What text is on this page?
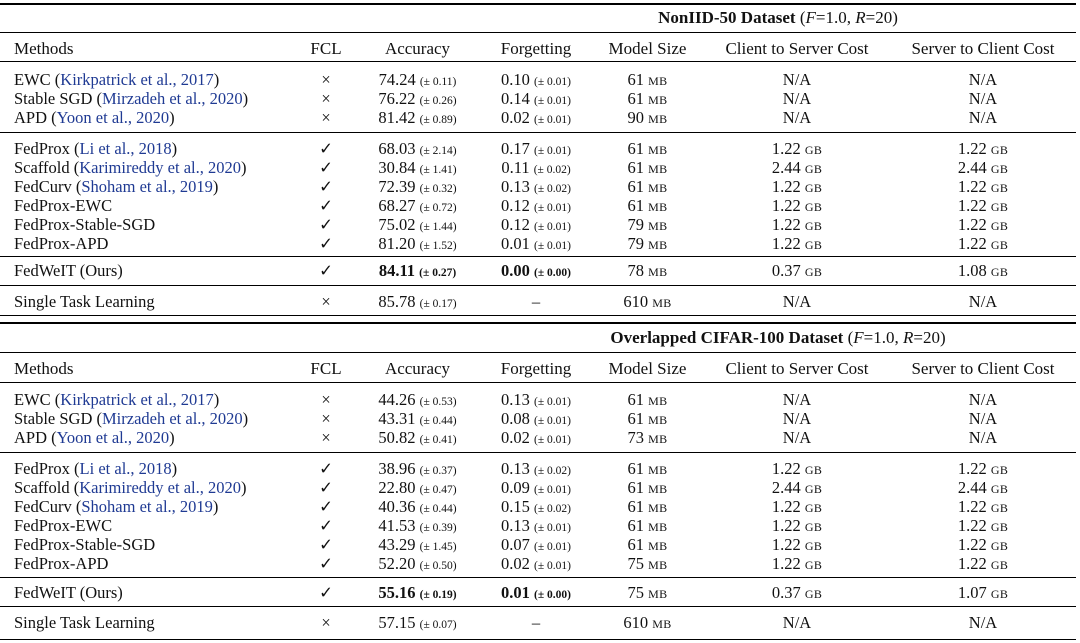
NonIID-50 Dataset (F=1.0, R=20)
Methods	FCL	Accuracy	Forgetting	Model Size	Client to Server Cost	Server to Client Cost
EWC (Kirkpatrick et al., 2017)	×	74.24 (± 0.11)	0.10 (± 0.01)	61 MB	N/A	N/A
Stable SGD (Mirzadeh et al., 2020)	×	76.22 (± 0.26)	0.14 (± 0.01)	61 MB	N/A	N/A
APD (Yoon et al., 2020)	×	81.42 (± 0.89)	0.02 (± 0.01)	90 MB	N/A	N/A
FedProx (Li et al., 2018)	✓	68.03 (± 2.14)	0.17 (± 0.01)	61 MB	1.22 GB	1.22 GB
Scaffold (Karimireddy et al., 2020)	✓	30.84 (± 1.41)	0.11 (± 0.02)	61 MB	2.44 GB	2.44 GB
FedCurv (Shoham et al., 2019)	✓	72.39 (± 0.32)	0.13 (± 0.02)	61 MB	1.22 GB	1.22 GB
FedProx-EWC	✓	68.27 (± 0.72)	0.12 (± 0.01)	61 MB	1.22 GB	1.22 GB
FedProx-Stable-SGD	✓	75.02 (± 1.44)	0.12 (± 0.01)	79 MB	1.22 GB	1.22 GB
FedProx-APD	✓	81.20 (± 1.52)	0.01 (± 0.01)	79 MB	1.22 GB	1.22 GB
FedWeIT (Ours)	✓	84.11 (± 0.27)	0.00 (± 0.00)	78 MB	0.37 GB	1.08 GB
Single Task Learning	×	85.78 (± 0.17)	–	610 MB	N/A	N/A
Overlapped CIFAR-100 Dataset (F=1.0, R=20)
Methods	FCL	Accuracy	Forgetting	Model Size	Client to Server Cost	Server to Client Cost
EWC (Kirkpatrick et al., 2017)	×	44.26 (± 0.53)	0.13 (± 0.01)	61 MB	N/A	N/A
Stable SGD (Mirzadeh et al., 2020)	×	43.31 (± 0.44)	0.08 (± 0.01)	61 MB	N/A	N/A
APD (Yoon et al., 2020)	×	50.82 (± 0.41)	0.02 (± 0.01)	73 MB	N/A	N/A
FedProx (Li et al., 2018)	✓	38.96 (± 0.37)	0.13 (± 0.02)	61 MB	1.22 GB	1.22 GB
Scaffold (Karimireddy et al., 2020)	✓	22.80 (± 0.47)	0.09 (± 0.01)	61 MB	2.44 GB	2.44 GB
FedCurv (Shoham et al., 2019)	✓	40.36 (± 0.44)	0.15 (± 0.02)	61 MB	1.22 GB	1.22 GB
FedProx-EWC	✓	41.53 (± 0.39)	0.13 (± 0.01)	61 MB	1.22 GB	1.22 GB
FedProx-Stable-SGD	✓	43.29 (± 1.45)	0.07 (± 0.01)	61 MB	1.22 GB	1.22 GB
FedProx-APD	✓	52.20 (± 0.50)	0.02 (± 0.01)	75 MB	1.22 GB	1.22 GB
FedWeIT (Ours)	✓	55.16 (± 0.19)	0.01 (± 0.00)	75 MB	0.37 GB	1.07 GB
Single Task Learning	×	57.15 (± 0.07)	–	610 MB	N/A	N/A
